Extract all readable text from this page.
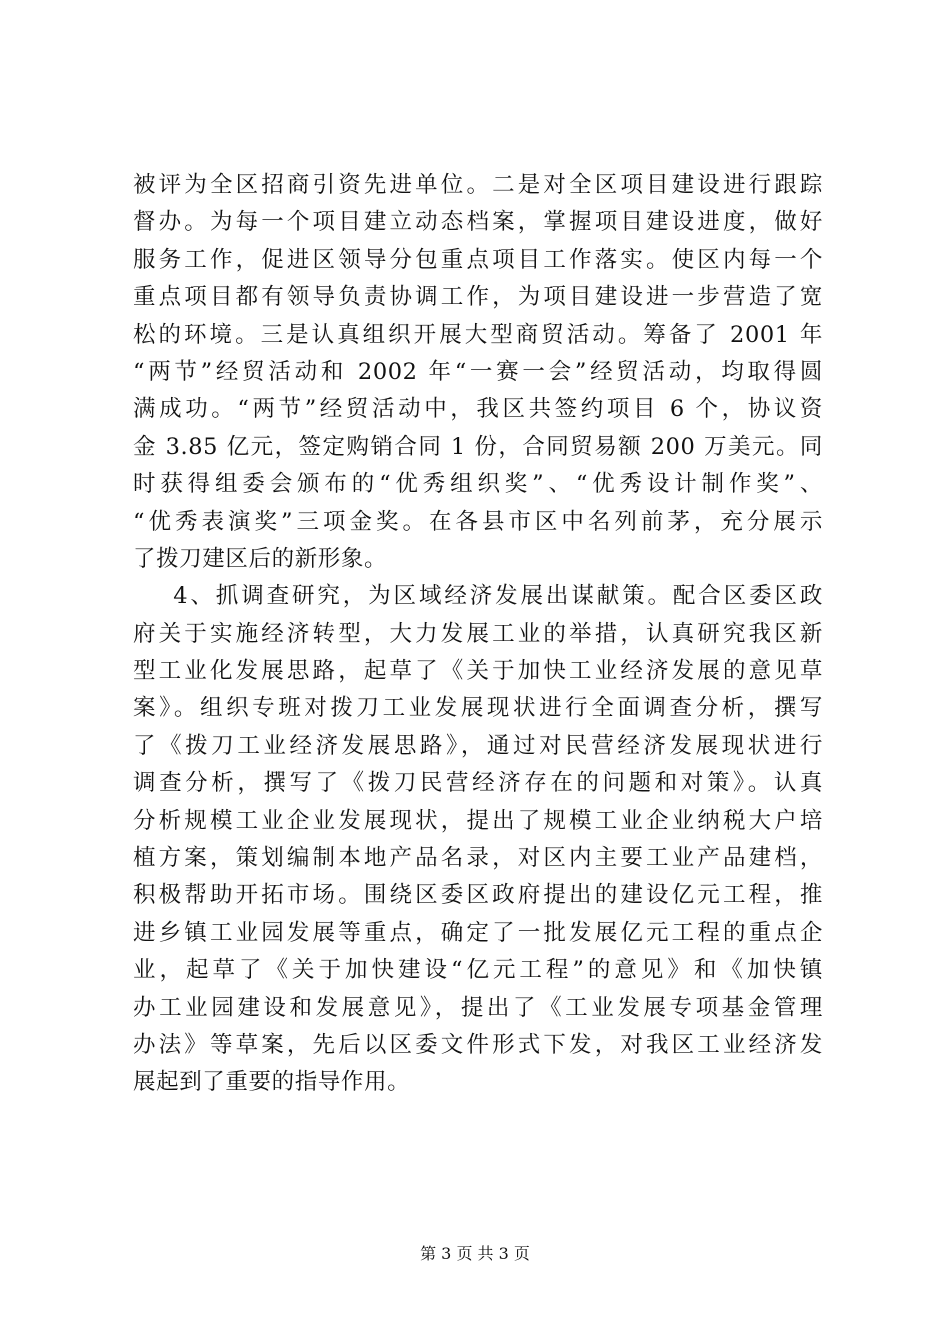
被评为全区招商引资先进单位。二是对全区项目建设进行跟踪
督办。为每一个项目建立动态档案，掌握项目建设进度，做好
服务工作，促进区领导分包重点项目工作落实。使区内每一个
重点项目都有领导负责协调工作，为项目建设进一步营造了宽
松的环境。三是认真组织开展大型商贸活动。筹备了 2001 年
“两节”经贸活动和 2002 年“一赛一会”经贸活动，均取得圆
满成功。“两节”经贸活动中，我区共签约项目 6 个，协议资
金 3.85 亿元，签定购销合同 1 份，合同贸易额 200 万美元。同
时获得组委会颁布的“优秀组织奖”、“优秀设计制作奖”、
“优秀表演奖”三项金奖。在各县市区中名列前茅，充分展示
了拨刀建区后的新形象。
4、抓调查研究，为区域经济发展出谋献策。配合区委区政
府关于实施经济转型，大力发展工业的举措，认真研究我区新
型工业化发展思路，起草了《关于加快工业经济发展的意见草
案》。组织专班对拨刀工业发展现状进行全面调查分析，撰写
了《拨刀工业经济发展思路》，通过对民营经济发展现状进行
调查分析，撰写了《拨刀民营经济存在的问题和对策》。认真
分析规模工业企业发展现状，提出了规模工业企业纳税大户培
植方案，策划编制本地产品名录，对区内主要工业产品建档，
积极帮助开拓市场。围绕区委区政府提出的建设亿元工程，推
进乡镇工业园发展等重点，确定了一批发展亿元工程的重点企
业，起草了《关于加快建设“亿元工程”的意见》和《加快镇
办工业园建设和发展意见》，提出了《工业发展专项基金管理
办法》等草案，先后以区委文件形式下发，对我区工业经济发
展起到了重要的指导作用。
第 3 页 共 3 页
